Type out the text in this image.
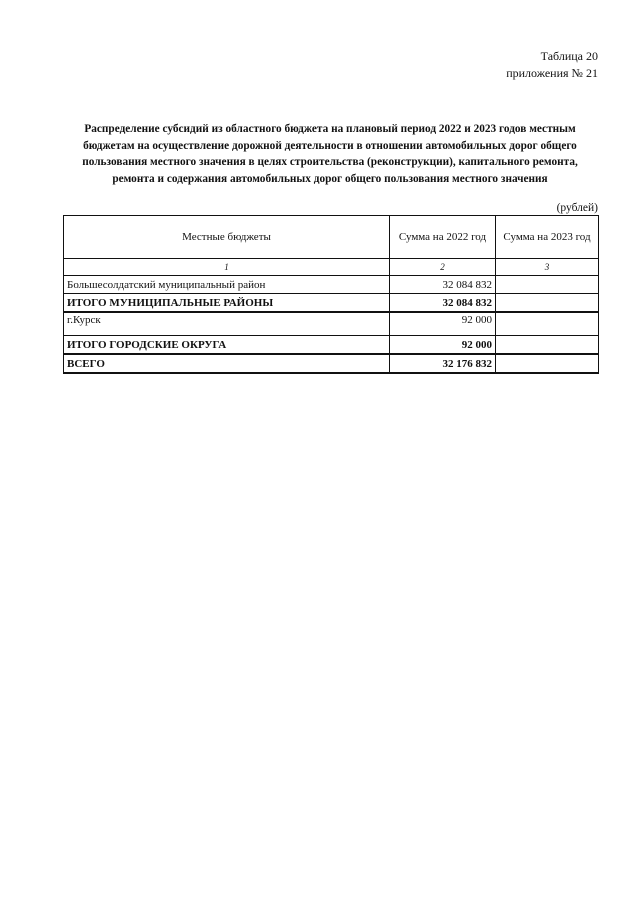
Таблица 20
приложения № 21
Распределение субсидий из областного бюджета на плановый период 2022 и 2023 годов местным бюджетам на осуществление дорожной деятельности в отношении автомобильных дорог общего пользования местного значения в целях строительства (реконструкции), капитального ремонта, ремонта и содержания автомобильных дорог общего пользования местного значения
(рублей)
Местные бюджеты	Сумма на 2022 год	Сумма на 2023 год
1	2	3
Большесолдатский муниципальный район	32 084 832	
ИТОГО МУНИЦИПАЛЬНЫЕ РАЙОНЫ	32 084 832	
г.Курск	92 000	
ИТОГО ГОРОДСКИЕ ОКРУГА	92 000	
ВСЕГО	32 176 832	
